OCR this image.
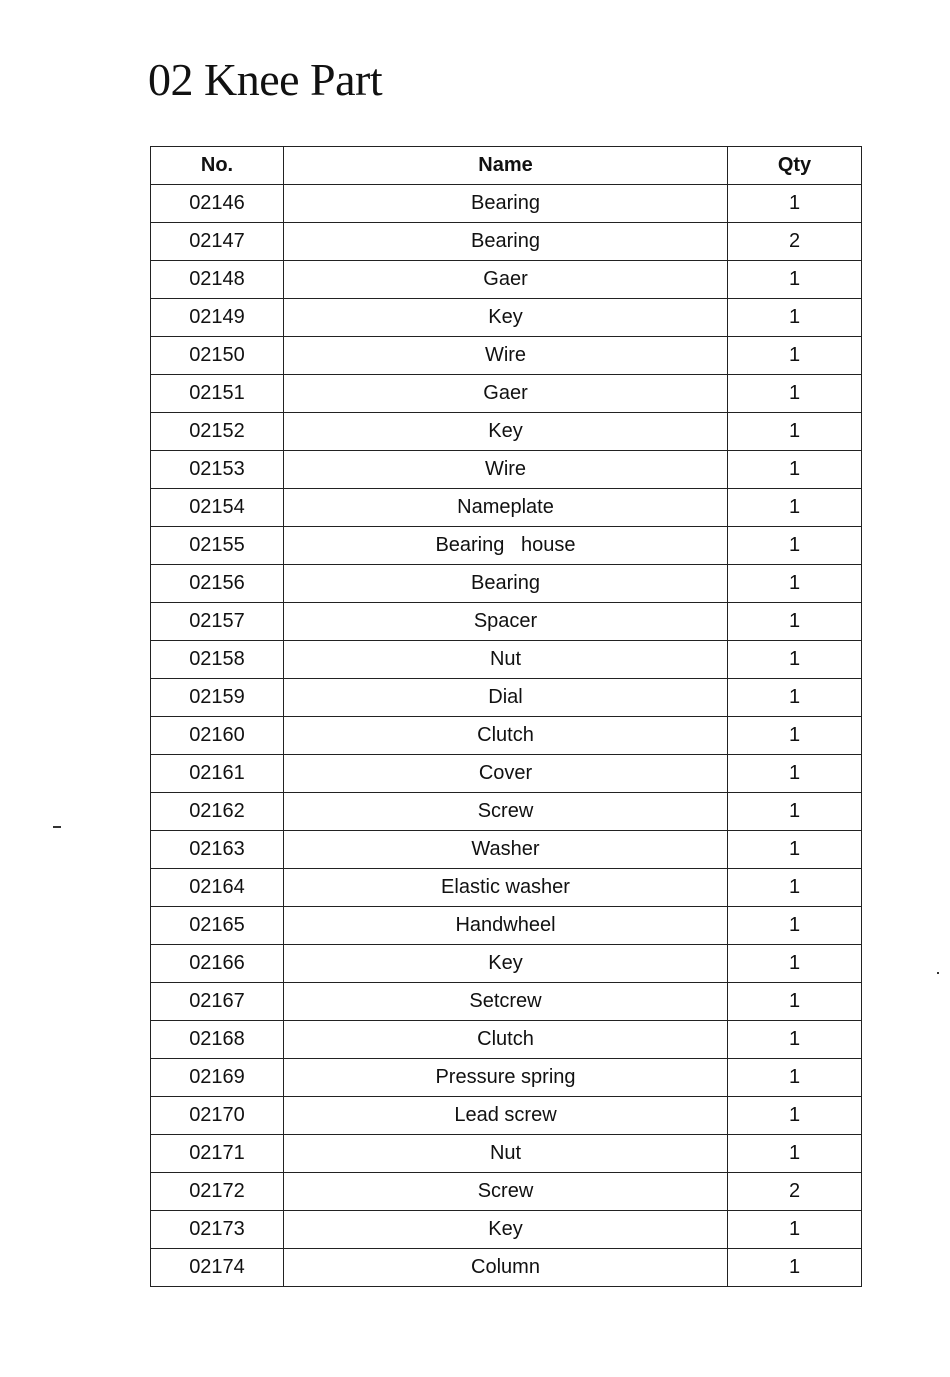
02 Knee Part
No.	Name	Qty
02146	Bearing	1
02147	Bearing	2
02148	Gaer	1
02149	Key	1
02150	Wire	1
02151	Gaer	1
02152	Key	1
02153	Wire	1
02154	Nameplate	1
02155	Bearing   house	1
02156	Bearing	1
02157	Spacer	1
02158	Nut	1
02159	Dial	1
02160	Clutch	1
02161	Cover	1
02162	Screw	1
02163	Washer	1
02164	Elastic washer	1
02165	Handwheel	1
02166	Key	1
02167	Setcrew	1
02168	Clutch	1
02169	Pressure spring	1
02170	Lead screw	1
02171	Nut	1
02172	Screw	2
02173	Key	1
02174	Column	1
